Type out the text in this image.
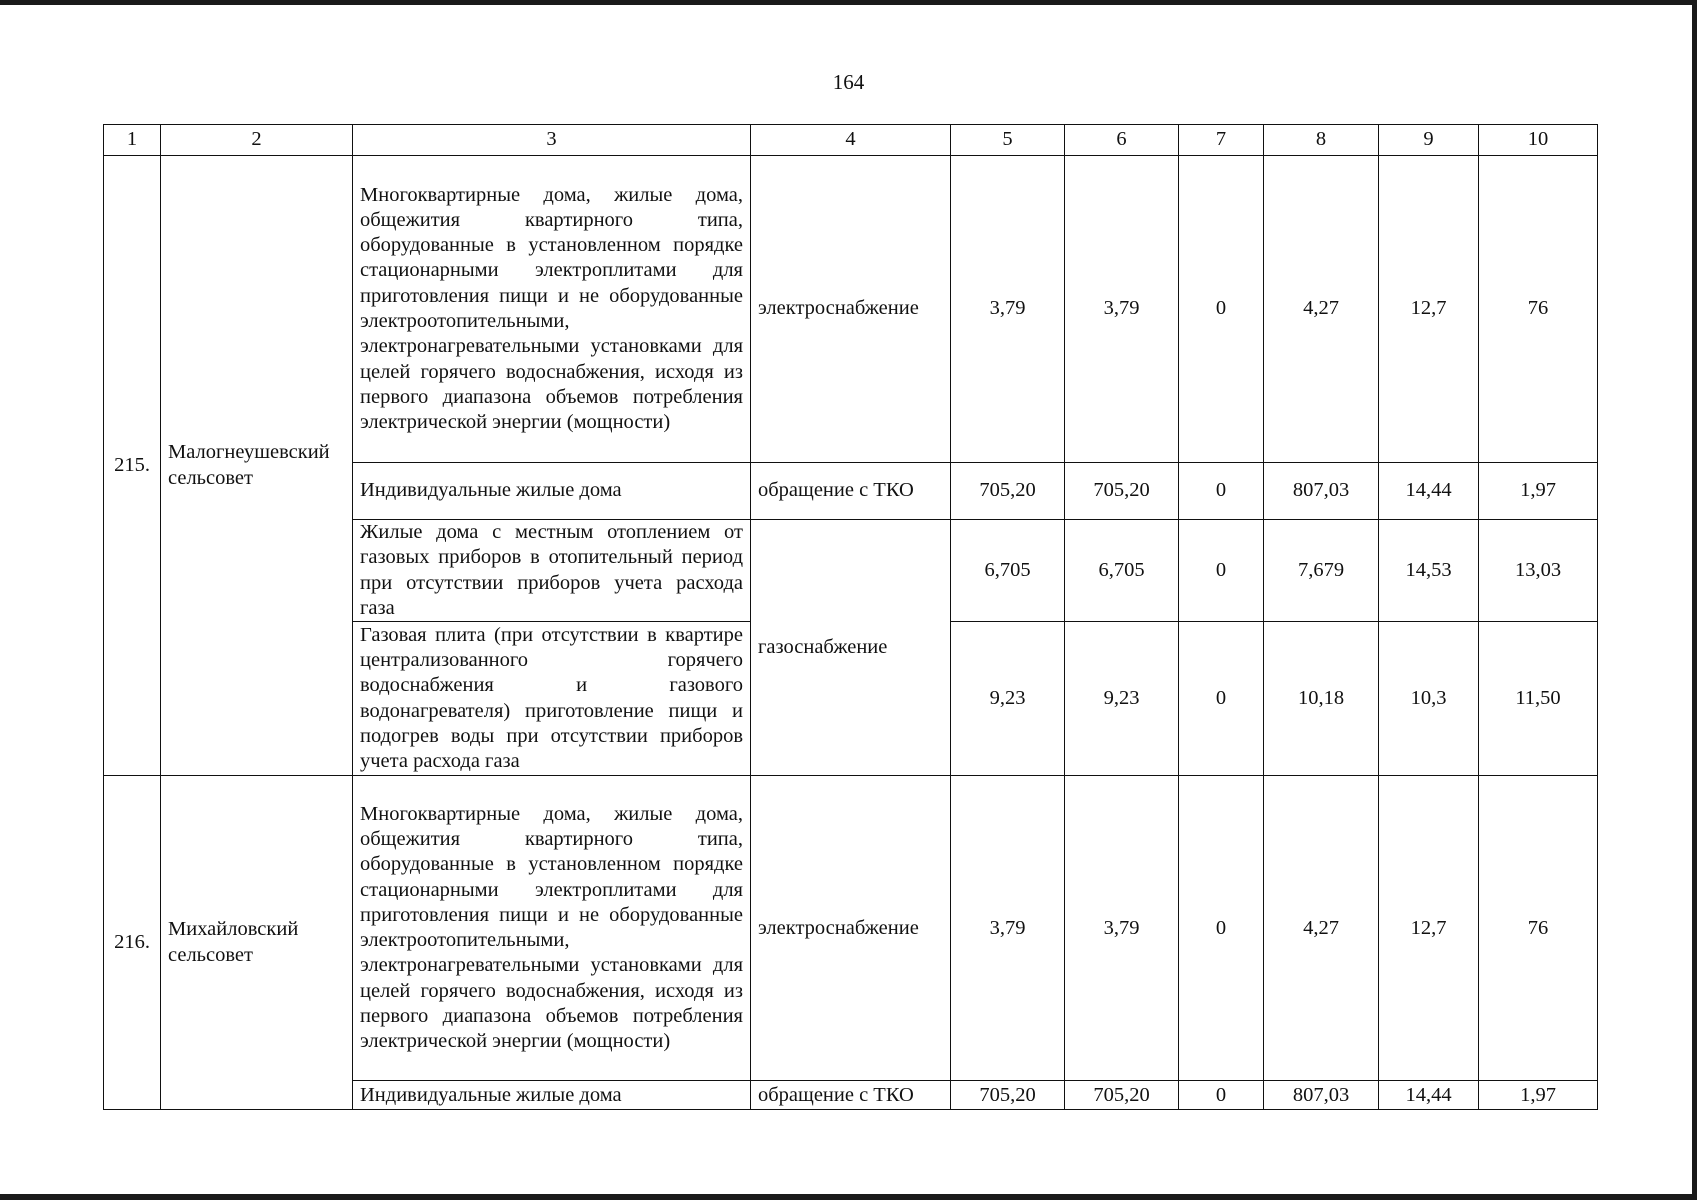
164
1	2	3	4	5	6	7	8	9	10
215.	Малогнеушевский сельсовет	Многоквартирные дома, жилые дома, общежития квартирного типа, оборудованные в установленном порядке стационарными электроплитами для приготовления пищи и не оборудованные электроотопительными, электронагревательными установками для целей горячего водоснабжения, исходя из первого диапазона объемов потребления электрической энергии (мощности)	электроснабжение	3,79	3,79	0	4,27	12,7	76
		Индивидуальные жилые дома	обращение с ТКО	705,20	705,20	0	807,03	14,44	1,97
		Жилые дома с местным отоплением от газовых приборов в отопительный период при отсутствии приборов учета расхода газа	газоснабжение	6,705	6,705	0	7,679	14,53	13,03
		Газовая плита (при отсутствии в квартире централизованного горячего водоснабжения и газового водонагревателя) приготовление пищи и подогрев воды при отсутствии приборов учета расхода газа		9,23	9,23	0	10,18	10,3	11,50
216.	Михайловский сельсовет	Многоквартирные дома, жилые дома, общежития квартирного типа, оборудованные в установленном порядке стационарными электроплитами для приготовления пищи и не оборудованные электроотопительными, электронагревательными установками для целей горячего водоснабжения, исходя из первого диапазона объемов потребления электрической энергии (мощности)	электроснабжение	3,79	3,79	0	4,27	12,7	76
		Индивидуальные жилые дома	обращение с ТКО	705,20	705,20	0	807,03	14,44	1,97
